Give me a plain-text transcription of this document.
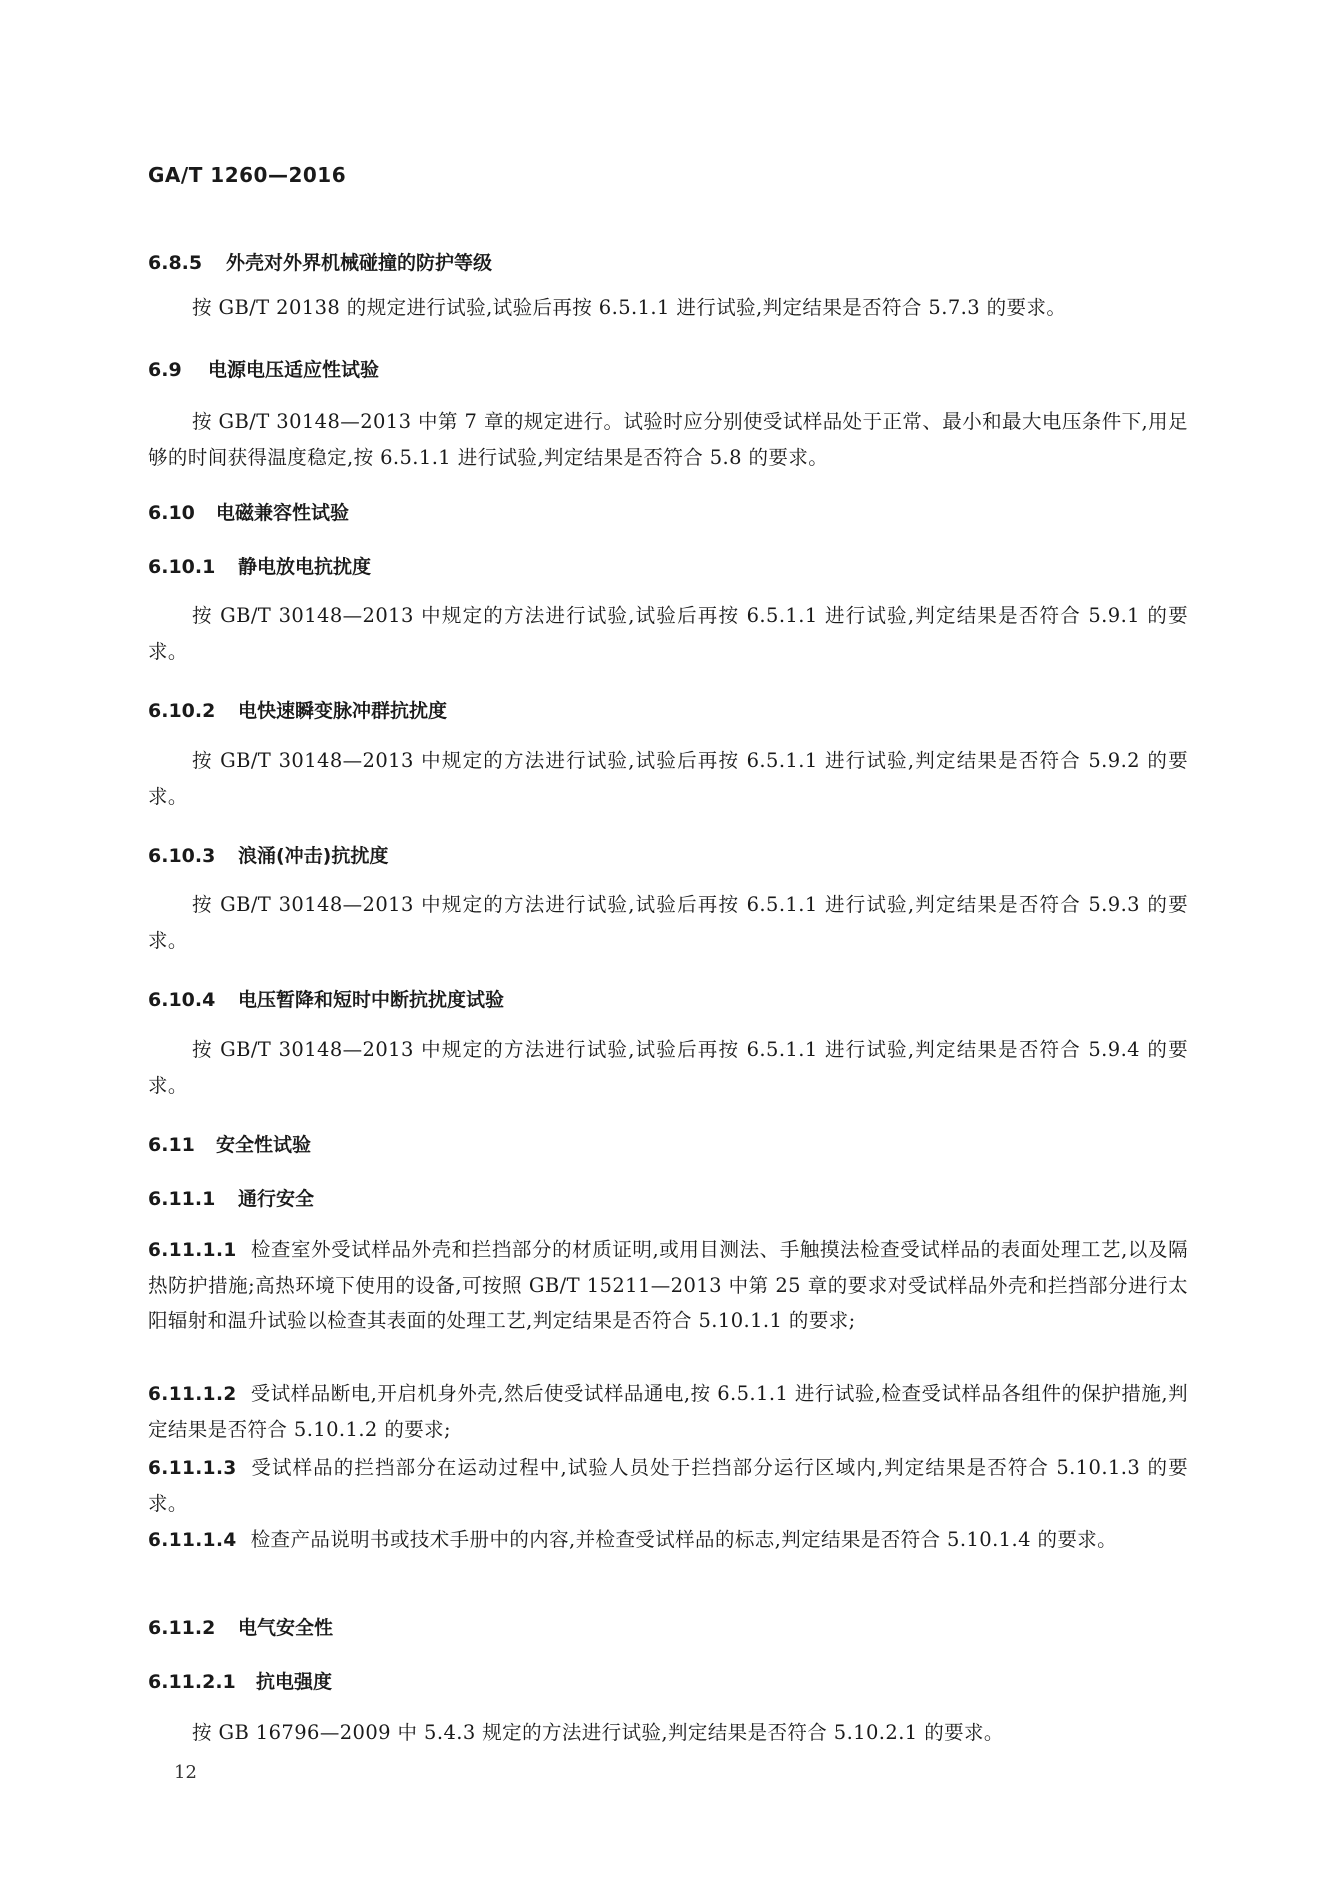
GA/T 1260—2016
6.8.5 外壳对外界机械碰撞的防护等级
按 GB/T 20138 的规定进行试验,试验后再按 6.5.1.1 进行试验,判定结果是否符合 5.7.3 的要求。
6.9 电源电压适应性试验
按 GB/T 30148—2013 中第 7 章的规定进行。试验时应分别使受试样品处于正常、最小和最大电压条件下,用足够的时间获得温度稳定,按 6.5.1.1 进行试验,判定结果是否符合 5.8 的要求。
6.10 电磁兼容性试验
6.10.1 静电放电抗扰度
按 GB/T 30148—2013 中规定的方法进行试验,试验后再按 6.5.1.1 进行试验,判定结果是否符合 5.9.1 的要求。
6.10.2 电快速瞬变脉冲群抗扰度
按 GB/T 30148—2013 中规定的方法进行试验,试验后再按 6.5.1.1 进行试验,判定结果是否符合 5.9.2 的要求。
6.10.3 浪涌(冲击)抗扰度
按 GB/T 30148—2013 中规定的方法进行试验,试验后再按 6.5.1.1 进行试验,判定结果是否符合 5.9.3 的要求。
6.10.4 电压暂降和短时中断抗扰度试验
按 GB/T 30148—2013 中规定的方法进行试验,试验后再按 6.5.1.1 进行试验,判定结果是否符合 5.9.4 的要求。
6.11 安全性试验
6.11.1 通行安全
6.11.1.1 检查室外受试样品外壳和拦挡部分的材质证明,或用目测法、手触摸法检查受试样品的表面处理工艺,以及隔热防护措施;高热环境下使用的设备,可按照 GB/T 15211—2013 中第 25 章的要求对受试样品外壳和拦挡部分进行太阳辐射和温升试验以检查其表面的处理工艺,判定结果是否符合 5.10.1.1 的要求;
6.11.1.2 受试样品断电,开启机身外壳,然后使受试样品通电,按 6.5.1.1 进行试验,检查受试样品各组件的保护措施,判定结果是否符合 5.10.1.2 的要求;
6.11.1.3 受试样品的拦挡部分在运动过程中,试验人员处于拦挡部分运行区域内,判定结果是否符合 5.10.1.3 的要求。
6.11.1.4 检查产品说明书或技术手册中的内容,并检查受试样品的标志,判定结果是否符合 5.10.1.4 的要求。
6.11.2 电气安全性
6.11.2.1 抗电强度
按 GB 16796—2009 中 5.4.3 规定的方法进行试验,判定结果是否符合 5.10.2.1 的要求。
12
